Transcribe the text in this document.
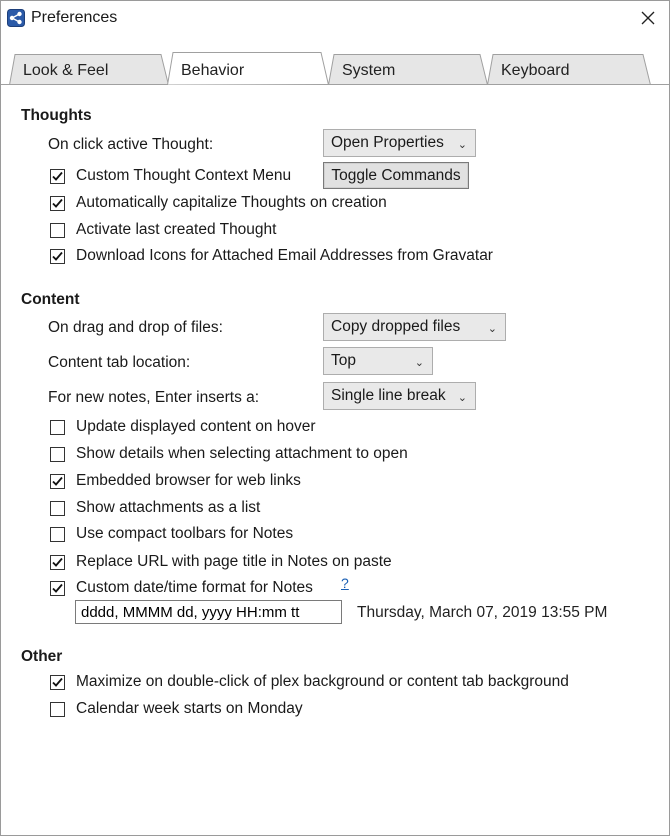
Preferences
Look & Feel	System	Keyboard
Behavior
Thoughts
On click active Thought:	Open Properties ⌄
Custom Thought Context Menu	Toggle Commands
Automatically capitalize Thoughts on creation
Activate last created Thought
Download Icons for Attached Email Addresses from Gravatar
Content
On drag and drop of files:	Copy dropped files	⌄
Content tab location:	Top	⌄
For new notes, Enter inserts a:	Single line break ⌄
Update displayed content on hover
Show details when selecting attachment to open
Embedded browser for web links
Show attachments as a list
Use compact toolbars for Notes
Replace URL with page title in Notes on paste
Custom date/time format for Notes ?
dddd, MMMM dd, yyyy HH:mm tt
Thursday, March 07, 2019 13:55 PM
Other
Maximize on double-click of plex background or content tab background
Calendar week starts on Monday
